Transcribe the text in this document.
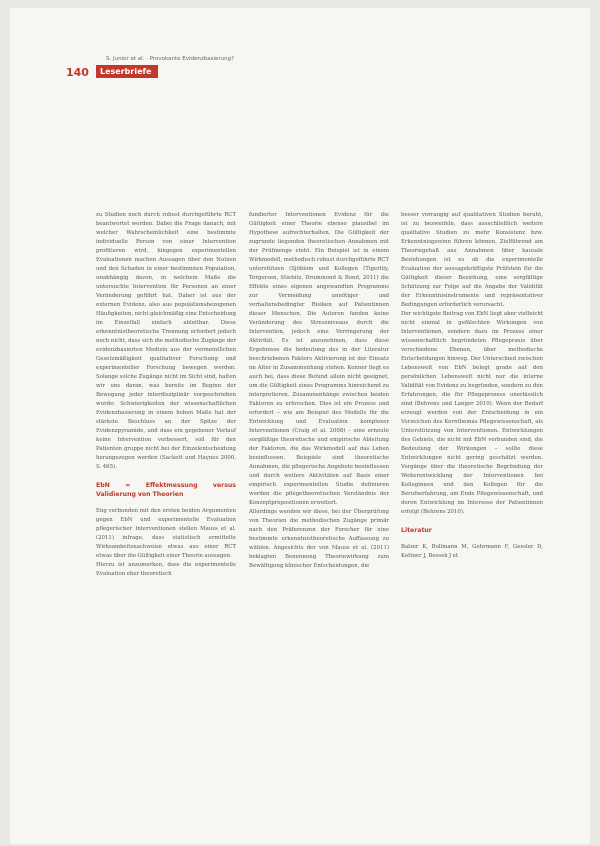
S. Junior et al. · Provokante Evidenzbasierung?
140	Leserbriefe

zu Studien noch durch robust durchgeführte RCT beantwortet werden. Dabei die Frage danach, mit welcher Wahrscheinlichkeit eine bestimmte individuelle Person von einer Intervention profitieren wird, hingegen experimentellen Evaluationen machen Aussagen über den Nutzen und den Schaden in einer bestimmten Population, unabhängig davon, in welchem Maße die untersuchte Intervention für Personen an einer Veränderung geführt hat. Daher ist aus der externen Evidenz, also aus populationsbezogenen Häufigkeiten, nicht gleichmäßig eine Entscheidung im Einzelfall einfach ableitbar. Diese erkenntnistheoretische Trennung erfordert jedoch noch nicht, dass sich die methodische Zugänge der evidenzbasierten Medizin aus der vermeintlichen Gesetzmäßigkeit qualitativer Forschung und experimenteller Forschung bewegen werden. Solange solche Zugänge nicht im Sicht sind, halten wir uns daran, was bereits im Beginn der Bewegung jeder interdisziplinär vorgeschrieben wurde: Schwierigkeiten der wissenschaftlichen Evidenzbasierung in einem hohen Maße hat der stärkste Beschluss an der Spitze der Evidenzpyramide, und dass ein gegebener Verlauf keine Intervention verbessert, soll für den Patienten gruppe nicht bei der Einzelentscheidung herangezogen werden (Sackett und Haynes 2000, S. 465).

EbN = Effektmessung versus Validierung von Theorien

Eng verbunden mit den ersten beiden Argumenten gegen EbN und experimentelle Evaluation pflegerischer Interventionen stellen Mauss et al. (2011) infrage, dass statistisch ermittelte Wirksamkeitsnachweise etwas aus einer RCT etwas über die Gültigkeit einer Theorie aussagen.

Hierzu ist anzumerken, dass die experimentelle Evaluation eher theoretisch

fundierter Interventionen Evidenz für die Gültigkeit einer Theorie ebenso plausibel im Hypothese aufrechterhalten. Die Gültigkeit der zugrunde liegenden theoretischen Annahmen mit der Prüfmenge steht. Ein Beispiel ist in einem Wirkmodell, methodisch robust durchgeführte RCT unterstützen (Sjöblom und Kollegen (Tigerlily, Torgersen, Stiebitz, Drummond & Bond, 2011) die Effekte eines eigenen angewandten Programms zur Vermeidung unnötiger und verhaltensbedingter Risiken auf Patientinnen dieser Menschen. Die Autoren fanden keine Veränderung des Stressniveaus durch die Intervention, jedoch eine Verringerung der Aktivität. Es ist anzunehmen, dass diese Ergebnisse die bedeutung des in der Literatur beschriebenen Faktors Aktivierung ist der Einsatz im Alter in Zusammenhang stehen. Kenner liegt es auch bei, dass diese Befund allein nicht geeignet, um die Gültigkeit eines Programms hinreichend zu interpretieren. Zusammenhänge zwischen beiden Faktoren zu erforschen. Dies ist ein Prozess und erfordert – wie am Beispiel des Modells für die Entwicklung und Evaluation komplexer Interventionen (Craig et al. 2008) – eine erneute sorgfältige theoretische und empirische Ableitung der Faktoren, die das Wirkmodell auf das Leben beeinflussen. Beispiele sind theoretische Annahmen, die pflegerische Angebote beeinflussen und durch weitere Aktivitäten auf Basis einer empirisch experimentellen Studie definieren werden die pflegetheoretischen Verständnis der Konzeptpropositionen erweitert.

Allerdings wenden wir diese, bei der Überprüfung von Theorien die methodischen Zugänge primär nach den Präferenzen der Forscher für eine bestimmte erkenntnistheoretische Auffassung zu wählen. Angesichts der von Mauss et al. (2011) beklagten Benennung Theoriewirkung zum Bewältigung klinischer Entscheidungen, die

besser vorrangig auf qualitativen Studien beruht, ist zu bezweifeln, dass ausschließlich weitere qualitative Studien zu mehr Konsistenz bzw. Erkenntnisgewinn führen können. Zielführend am Theoriegehalt aus Annahmen über kausale Beziehungen ist es ab die experimentelle Evaluation der aussagekräftigste Prüfstein für die Gültigkeit dieser Beziehung, eine sorgfältige Schätzung zur Folge auf die Angabe der Validität der Erkenntnisinstrumente und repräsentativer Bedingungen erforderlich verursacht.

Der wichtigste Beitrag von EbN liegt aber vielleicht nicht einmal in gefälschten Wirkungen von Interventionen, sondern dazu im Prozess einer wissenschaftlich begründeten Pflegepraxis über verschiedene Ebenen, über methodische Entscheidungen hinweg. Der Unterschied zwischen Lebenswelt von EbN belegt grade auf den persönlichen Lebenswelt nicht nur die interne Validität von Evidenz zu begründen, sondern zu den Erfahrungen, die für Pflegeprozess unerlässlich sind (Behrens und Langer 2010). Wenn der Bedarf erzeugt werden von der Entscheidung in ein Vorzeichen des Kernthemas Pflegewissenschaft, als Unterstützung von Interventionen. Entwicklungen des Gebiets, die nicht mit EbN verbunden sind, die Bedeutung der Wirkungen – sollte diese Entwicklungen nicht gering geschätzt werden. Vorgänge über die theoretische Begründung der Weiterentwicklung der Interventionen bei Kolleginnen und den Kollegen für die Berufserfahrung, am Ende Pflegewissenschaft, und deren Entwicklung im Interesse der Patientinnen erfolgt (Behrens 2010).

Literatur

Balzer K, Bollmann M, Gehrmann F, Gessler D, Kottner J, Bossek J et
